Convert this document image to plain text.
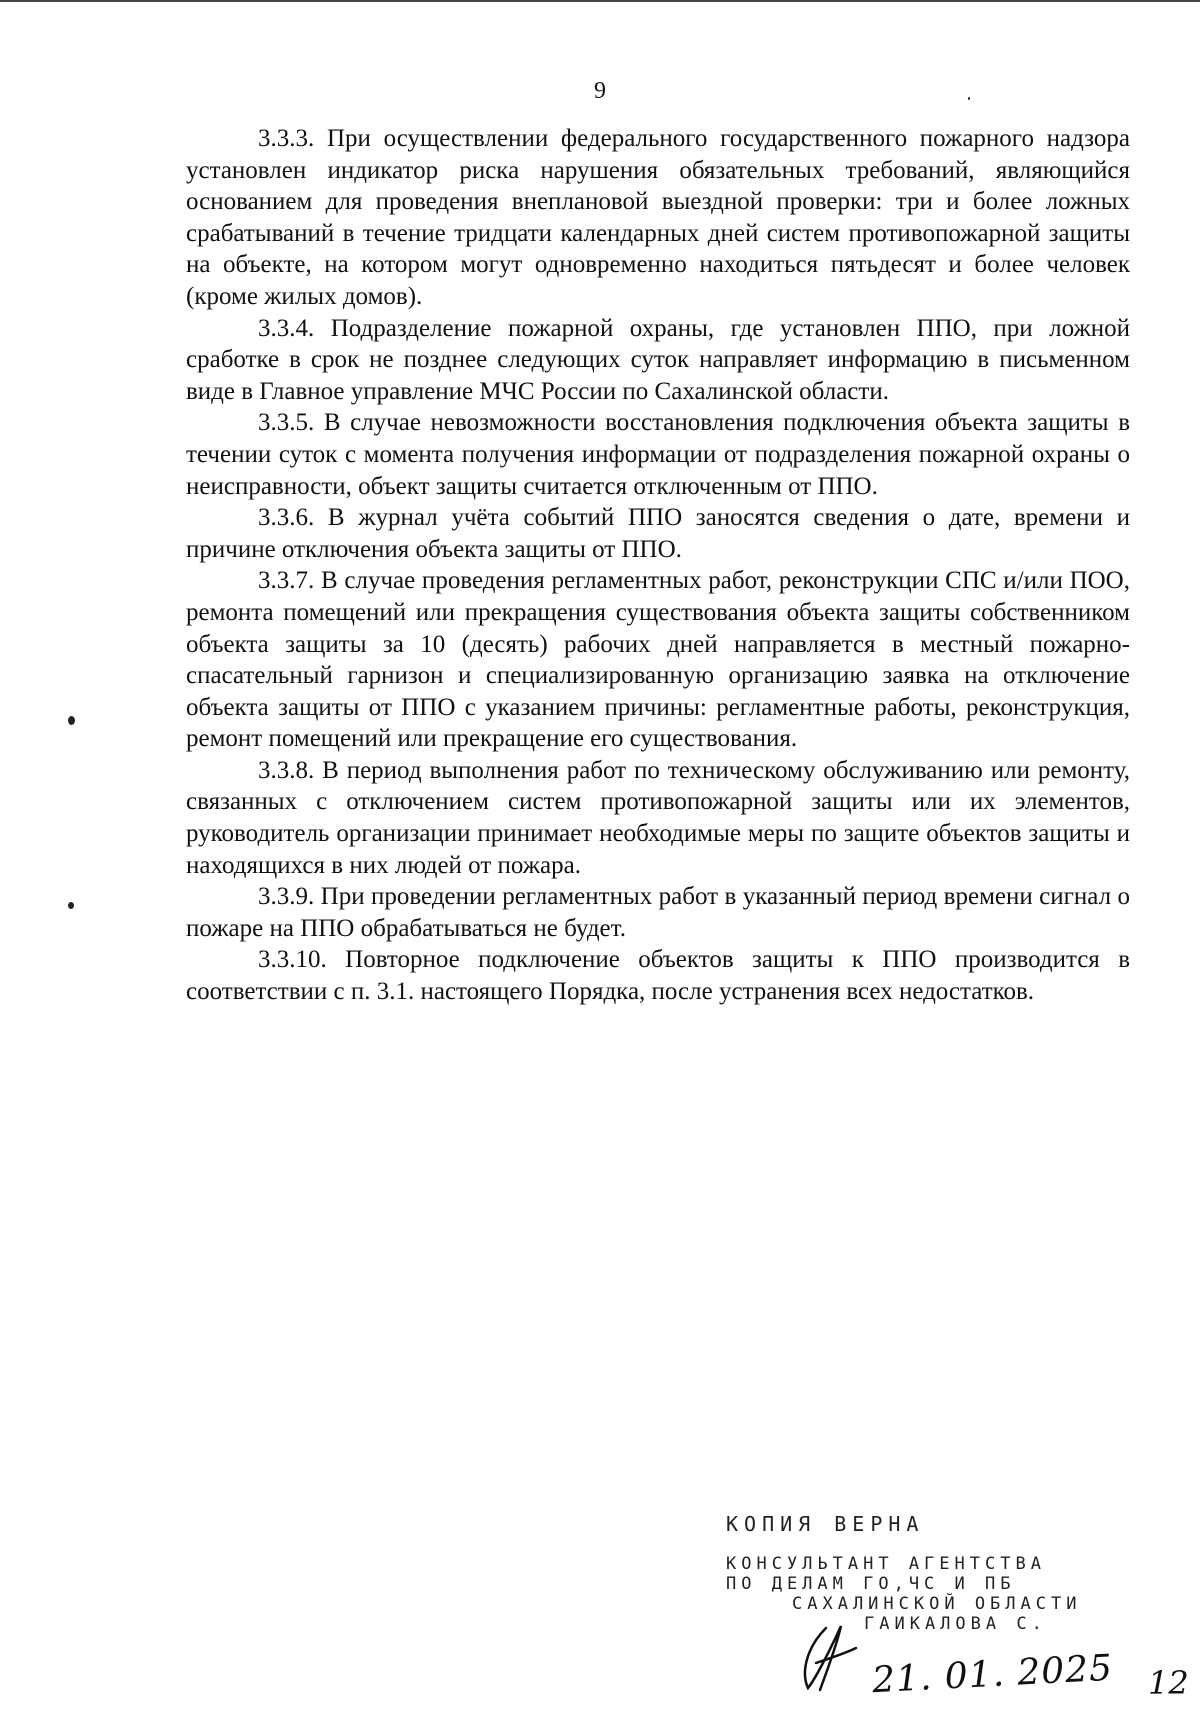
9

3.3.3. При осуществлении федерального государственного пожарного надзора установлен индикатор риска нарушения обязательных требований, являющийся основанием для проведения внеплановой выездной проверки: три и более ложных срабатываний в течение тридцати календарных дней систем противопожарной защиты на объекте, на котором могут одновременно находиться пятьдесят и более человек (кроме жилых домов).

3.3.4. Подразделение пожарной охраны, где установлен ППО, при ложной сработке в срок не позднее следующих суток направляет информацию в письменном виде в Главное управление МЧС России по Сахалинской области.

3.3.5. В случае невозможности восстановления подключения объекта защиты в течении суток с момента получения информации от подразделения пожарной охраны о неисправности, объект защиты считается отключенным от ППО.

3.3.6. В журнал учёта событий ППО заносятся сведения о дате, времени и причине отключения объекта защиты от ППО.

3.3.7. В случае проведения регламентных работ, реконструкции СПС и/или ПОО, ремонта помещений или прекращения существования объекта защиты собственником объекта защиты за 10 (десять) рабочих дней направляется в местный пожарно-спасательный гарнизон и специализированную организацию заявка на отключение объекта защиты от ППО с указанием причины: регламентные работы, реконструкция, ремонт помещений или прекращение его существования.

3.3.8. В период выполнения работ по техническому обслуживанию или ремонту, связанных с отключением систем противопожарной защиты или их элементов, руководитель организации принимает необходимые меры по защите объектов защиты и находящихся в них людей от пожара.

3.3.9. При проведении регламентных работ в указанный период времени сигнал о пожаре на ППО обрабатываться не будет.

3.3.10. Повторное подключение объектов защиты к ППО производится в соответствии с п. 3.1. настоящего Порядка, после устранения всех недостатков.

КОПИЯ ВЕРНА
КОНСУЛЬТАНТ АГЕНТСТВА
ПО ДЕЛАМ ГО,ЧС И ПБ
САХАЛИНСКОЙ ОБЛАСТИ
ГАИКАЛОВА С.
21. 01. 2025 12
